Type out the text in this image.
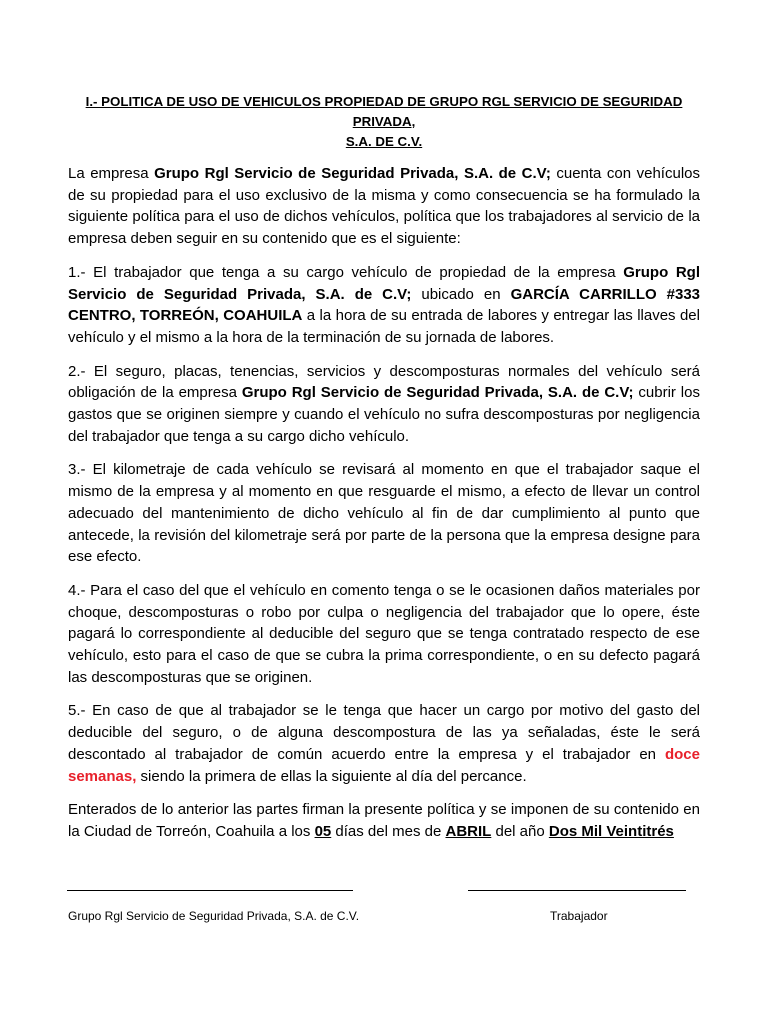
I.- POLITICA DE USO DE VEHICULOS PROPIEDAD DE GRUPO RGL SERVICIO DE SEGURIDAD PRIVADA,
S.A. DE C.V.

La empresa Grupo Rgl Servicio de Seguridad Privada, S.A. de C.V; cuenta con vehículos de su propiedad para el uso exclusivo de la misma y como consecuencia se ha formulado la siguiente política para el uso de dichos vehículos, política que los trabajadores al servicio de la empresa deben seguir en su contenido que es el siguiente:

1.- El trabajador que tenga a su cargo vehículo de propiedad de la empresa Grupo Rgl Servicio de Seguridad Privada, S.A. de C.V; ubicado en GARCÍA CARRILLO #333 CENTRO, TORREÓN, COAHUILA a la hora de su entrada de labores y entregar las llaves del vehículo y el mismo a la hora de la terminación de su jornada de labores.

2.- El seguro, placas, tenencias, servicios y descomposturas normales del vehículo será obligación de la empresa Grupo Rgl Servicio de Seguridad Privada, S.A. de C.V; cubrir los gastos que se originen siempre y cuando el vehículo no sufra descomposturas por negligencia del trabajador que tenga a su cargo dicho vehículo.

3.- El kilometraje de cada vehículo se revisará al momento en que el trabajador saque el mismo de la empresa y al momento en que resguarde el mismo, a efecto de llevar un control adecuado del mantenimiento de dicho vehículo al fin de dar cumplimiento al punto que antecede, la revisión del kilometraje será por parte de la persona que la empresa designe para ese efecto.

4.- Para el caso del que el vehículo en comento tenga o se le ocasionen daños materiales por choque, descomposturas o robo por culpa o negligencia del trabajador que lo opere, éste pagará lo correspondiente al deducible del seguro que se tenga contratado respecto de ese vehículo, esto para el caso de que se cubra la prima correspondiente, o en su defecto pagará las descomposturas que se originen.

5.- En caso de que al trabajador se le tenga que hacer un cargo por motivo del gasto del deducible del seguro, o de alguna descompostura de las ya señaladas, éste le será descontado al trabajador de común acuerdo entre la empresa y el trabajador en doce semanas, siendo la primera de ellas la siguiente al día del percance.

Enterados de lo anterior las partes firman la presente política y se imponen de su contenido en la Ciudad de Torreón, Coahuila a los 05 días del mes de ABRIL del año Dos Mil Veintitrés

Grupo Rgl Servicio de Seguridad Privada, S.A. de C.V.	Trabajador
